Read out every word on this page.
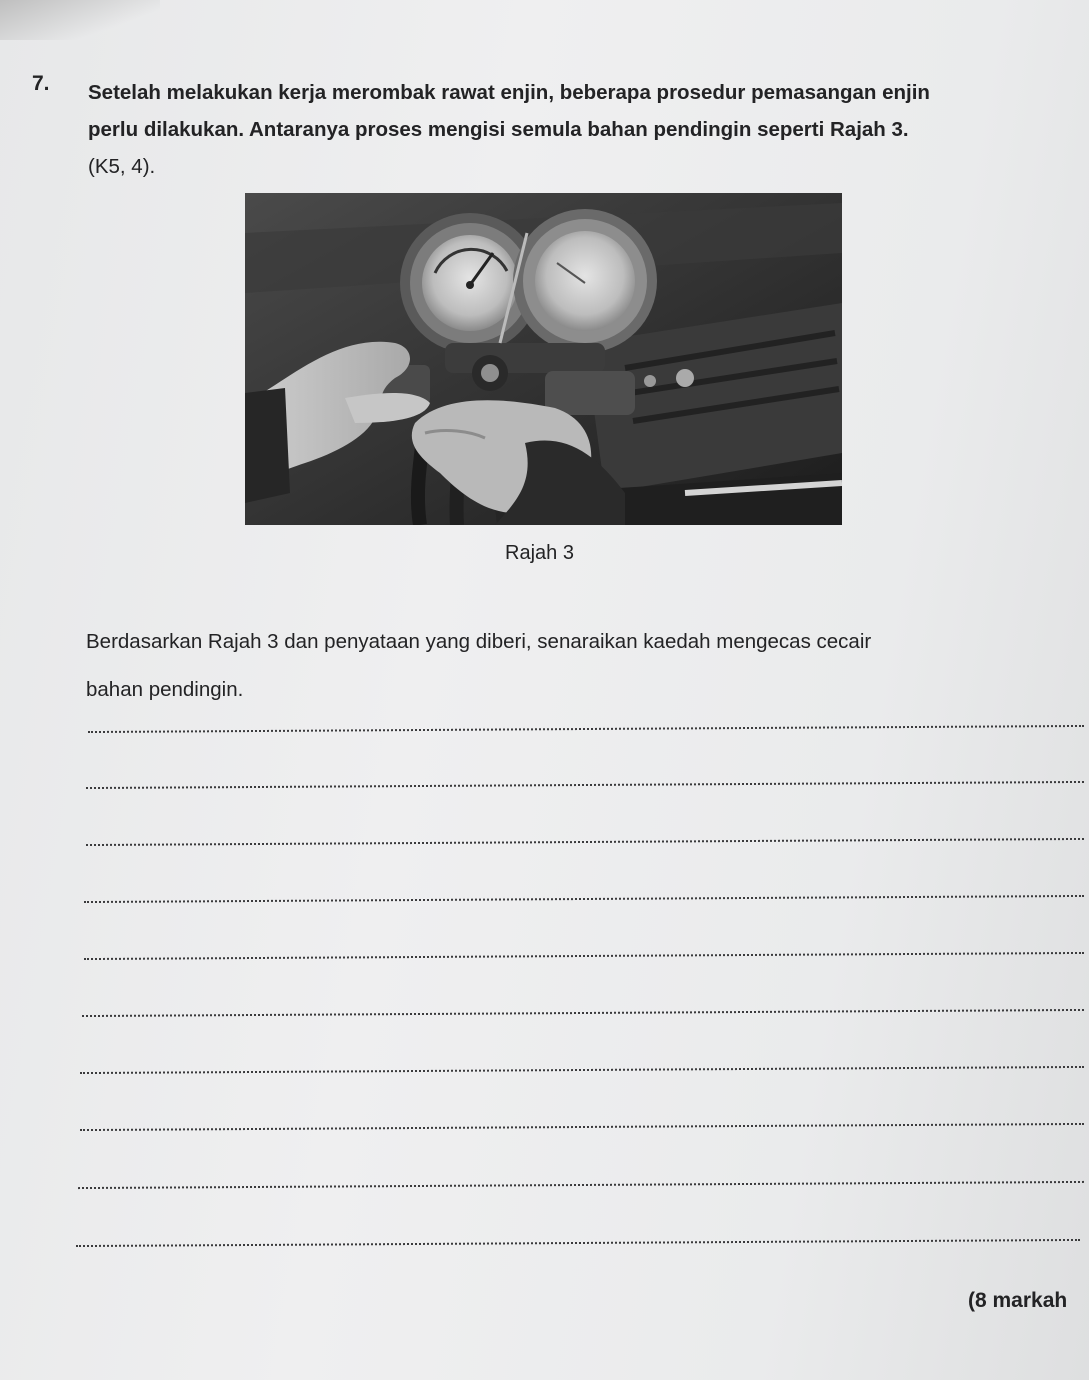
7. Setelah melakukan kerja merombak rawat enjin, beberapa prosedur pemasangan enjin
perlu dilakukan. Antaranya proses mengisi semula bahan pendingin seperti Rajah 3.
(K5, 4).
Rajah 3
Berdasarkan Rajah 3 dan penyataan yang diberi, senaraikan kaedah mengecas cecair
bahan pendingin.
(8 markah
